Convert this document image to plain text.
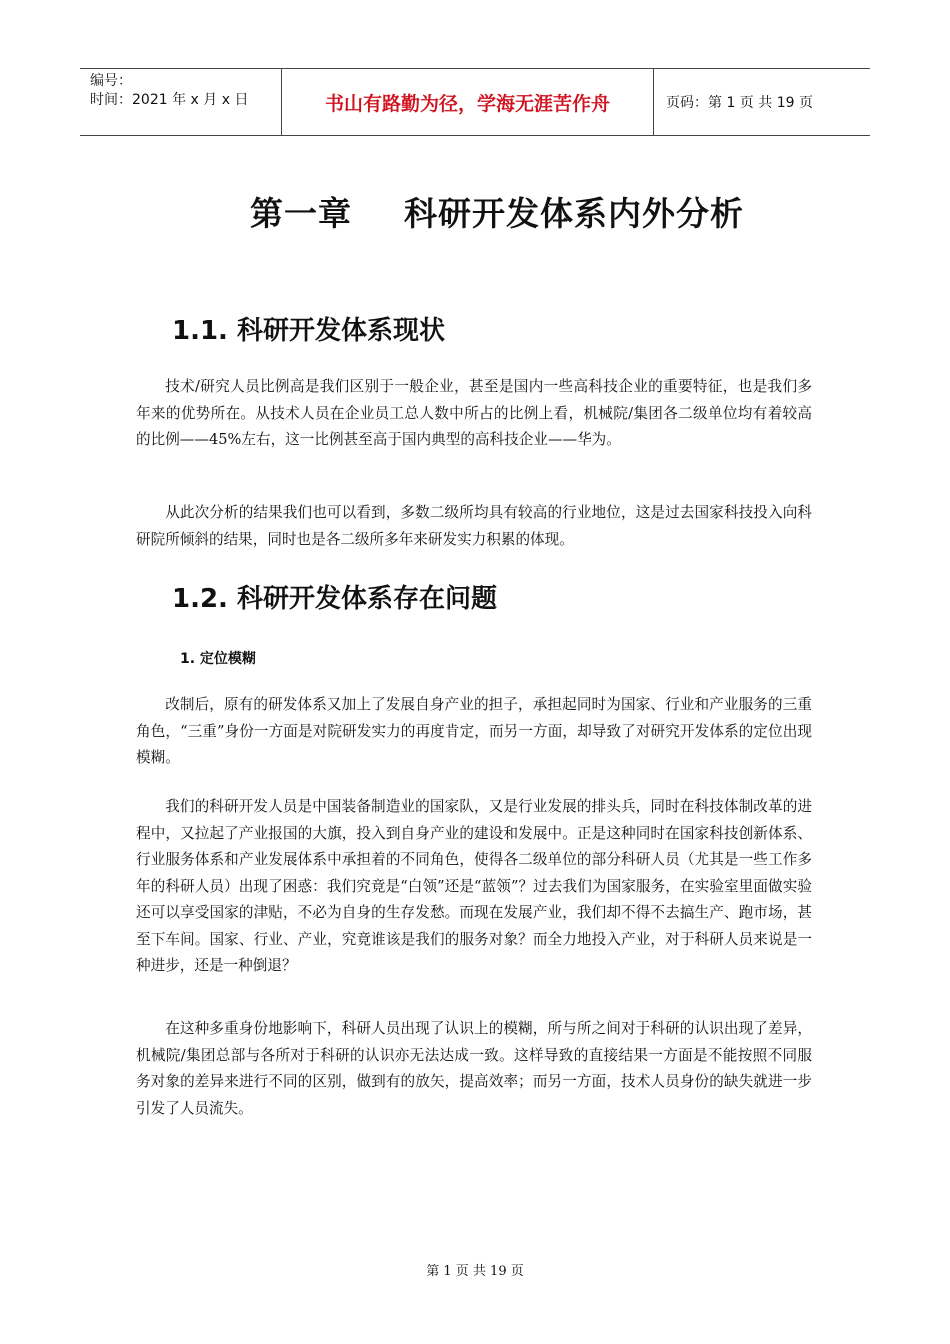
编号：
时间：2021 年 x 月 x 日	书山有路勤为径，学海无涯苦作舟	页码：第 1 页 共 19 页
第一章 科研开发体系内外分析
1.1. 科研开发体系现状

技术/研究人员比例高是我们区别于一般企业，甚至是国内一些高科技企业的重要特征，也是我们多年来的优势所在。从技术人员在企业员工总人数中所占的比例上看，机械院/集团各二级单位均有着较高的比例——45%左右，这一比例甚至高于国内典型的高科技企业——华为。

从此次分析的结果我们也可以看到，多数二级所均具有较高的行业地位，这是过去国家科技投入向科研院所倾斜的结果，同时也是各二级所多年来研发实力积累的体现。

1.2. 科研开发体系存在问题
1. 定位模糊

改制后，原有的研发体系又加上了发展自身产业的担子，承担起同时为国家、行业和产业服务的三重角色，“三重”身份一方面是对院研发实力的再度肯定，而另一方面，却导致了对研究开发体系的定位出现模糊。

我们的科研开发人员是中国装备制造业的国家队，又是行业发展的排头兵，同时在科技体制改革的进程中，又拉起了产业报国的大旗，投入到自身产业的建设和发展中。正是这种同时在国家科技创新体系、行业服务体系和产业发展体系中承担着的不同角色，使得各二级单位的部分科研人员（尤其是一些工作多年的科研人员）出现了困惑：我们究竟是“白领”还是“蓝领”？过去我们为国家服务，在实验室里面做实验还可以享受国家的津贴，不必为自身的生存发愁。而现在发展产业，我们却不得不去搞生产、跑市场，甚至下车间。国家、行业、产业，究竟谁该是我们的服务对象？而全力地投入产业，对于科研人员来说是一种进步，还是一种倒退？

在这种多重身份地影响下，科研人员出现了认识上的模糊，所与所之间对于科研的认识出现了差异，机械院/集团总部与各所对于科研的认识亦无法达成一致。这样导致的直接结果一方面是不能按照不同服务对象的差异来进行不同的区别，做到有的放矢，提高效率；而另一方面，技术人员身份的缺失就进一步引发了人员流失。

第 1 页 共 19 页
